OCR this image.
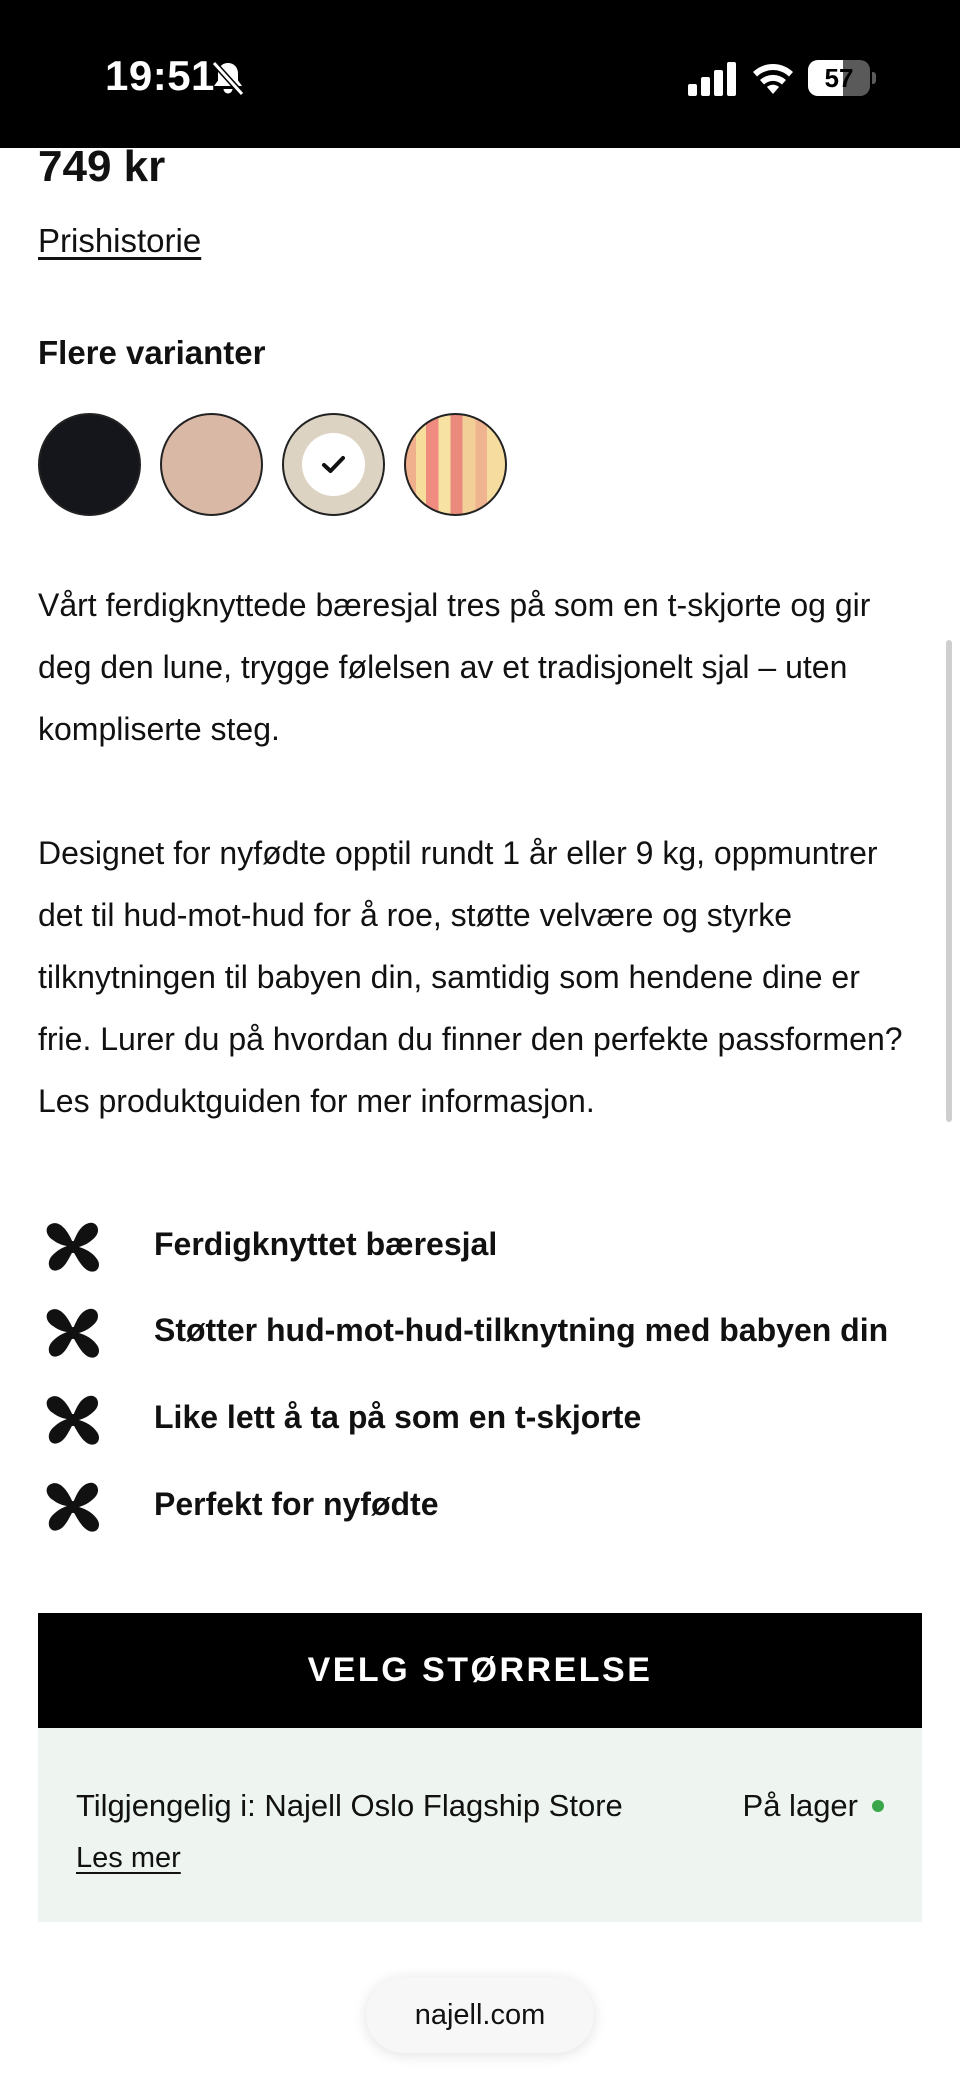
19:51	57
749 kr
Prishistorie
Flere varianter

Vårt ferdigknyttede bæresjal tres på som en t-skjorte og gir deg den lune, trygge følelsen av et tradisjonelt sjal – uten kompliserte steg.

Designet for nyfødte opptil rundt 1 år eller 9 kg, oppmuntrer det til hud-mot-hud for å roe, støtte velvære og styrke tilknytningen til babyen din, samtidig som hendene dine er frie. Lurer du på hvordan du finner den perfekte passformen? Les produktguiden for mer informasjon.

Ferdigknyttet bæresjal
Støtter hud-mot-hud-tilknytning med babyen din
Like lett å ta på som en t-skjorte
Perfekt for nyfødte
VELG STØRRELSE
Tilgjengelig i: Najell Oslo Flagship Store	På lager
Les mer
najell.com
